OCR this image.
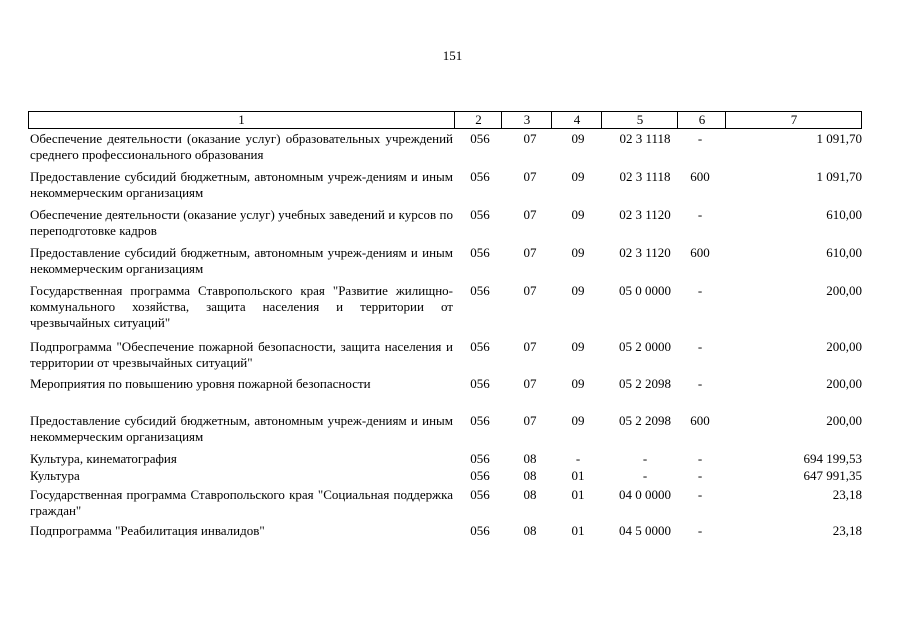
151
1	2	3	4	5	6	7
Обеспечение деятельности (оказание услуг) образовательных учреждений среднего профессионального образования
056	07	09	02 3 1118	-	1 091,70
Предоставление субсидий бюджетным, автономным учреж-дениям и иным некоммерческим организациям
056	07	09	02 3 1118	600	1 091,70
Обеспечение деятельности (оказание услуг) учебных заведений и курсов по переподготовке кадров
056	07	09	02 3 1120	-	610,00
Предоставление субсидий бюджетным, автономным учреж-дениям и иным некоммерческим организациям
056	07	09	02 3 1120	600	610,00
Государственная программа Ставропольского края "Развитие жилищно-коммунального хозяйства, защита населения и территории от чрезвычайных ситуаций"
056	07	09	05 0 0000	-	200,00
Подпрограмма "Обеспечение пожарной безопасности, защита населения и территории от чрезвычайных ситуаций"
056	07	09	05 2 0000	-	200,00
Мероприятия по повышению уровня пожарной безопасности	056	07	09	05 2 2098	-	200,00
Предоставление субсидий бюджетным, автономным учреж-дениям и иным некоммерческим организациям
056	07	09	05 2 2098	600	200,00
Культура, кинематография	056	08	-	-	-	694 199,53
Культура	056	08	01	-	-	647 991,35
Государственная программа Ставропольского края "Социальная поддержка граждан"
056	08	01	04 0 0000	-	23,18
Подпрограмма "Реабилитация инвалидов"	056	08	01	04 5 0000	-	23,18
